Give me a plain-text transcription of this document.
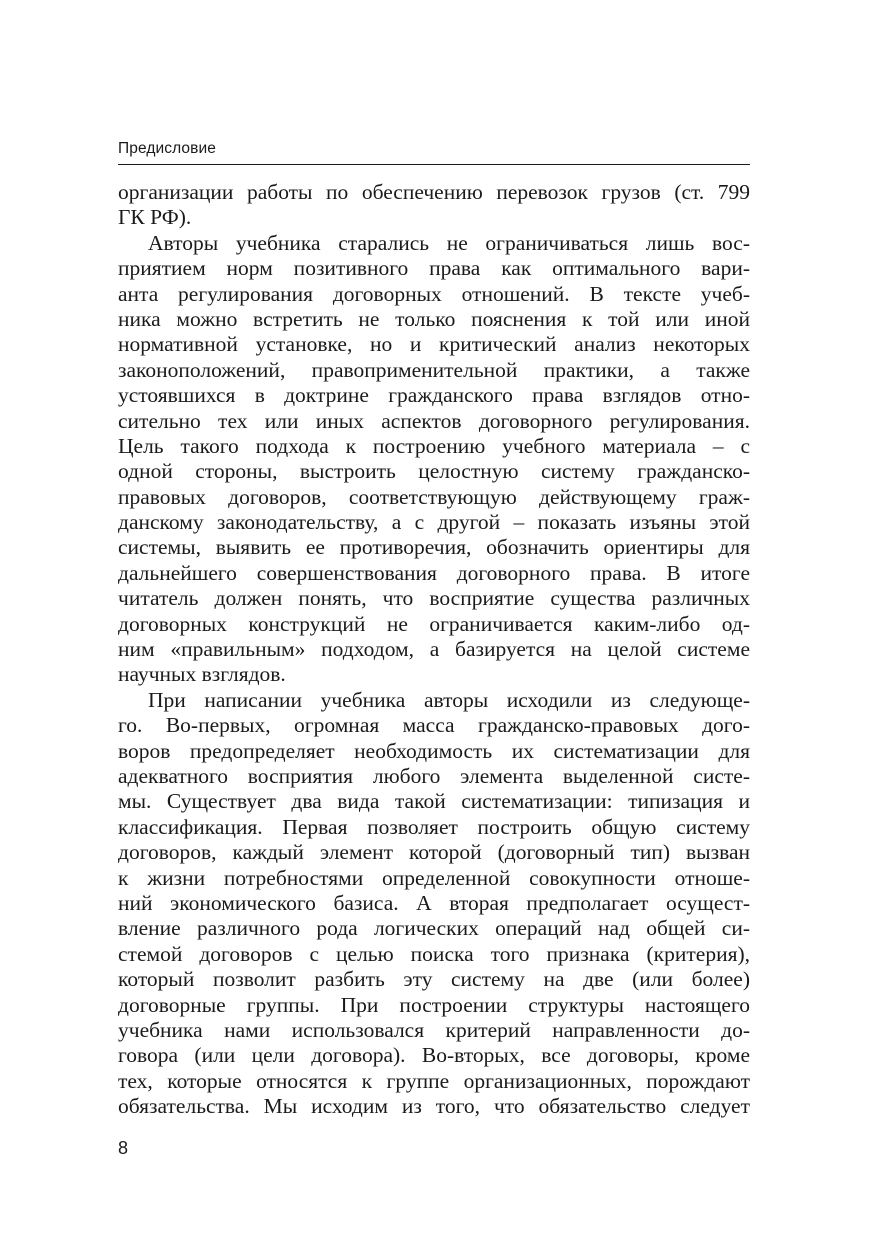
Предисловие
организации работы по обеспечению перевозок грузов (ст. 799
ГК РФ).
Авторы учебника старались не ограничиваться лишь вос-
приятием норм позитивного права как оптимального вари-
анта регулирования договорных отношений. В тексте учеб-
ника можно встретить не только пояснения к той или иной
нормативной установке, но и критический анализ некоторых
законоположений, правоприменительной практики, а также
устоявшихся в доктрине гражданского права взглядов отно-
сительно тех или иных аспектов договорного регулирования.
Цель такого подхода к построению учебного материала – с
одной стороны, выстроить целостную систему гражданско-
правовых договоров, соответствующую действующему граж-
данскому законодательству, а с другой – показать изъяны этой
системы, выявить ее противоречия, обозначить ориентиры для
дальнейшего совершенствования договорного права. В итоге
читатель должен понять, что восприятие существа различных
договорных конструкций не ограничивается каким-либо од-
ним «правильным» подходом, а базируется на целой системе
научных взглядов.
При написании учебника авторы исходили из следующе-
го. Во-первых, огромная масса гражданско-правовых дого-
воров предопределяет необходимость их систематизации для
адекватного восприятия любого элемента выделенной систе-
мы. Существует два вида такой систематизации: типизация и
классификация. Первая позволяет построить общую систему
договоров, каждый элемент которой (договорный тип) вызван
к жизни потребностями определенной совокупности отноше-
ний экономического базиса. А вторая предполагает осущест-
вление различного рода логических операций над общей си-
стемой договоров с целью поиска того признака (критерия),
который позволит разбить эту систему на две (или более)
договорные группы. При построении структуры настоящего
учебника нами использовался критерий направленности до-
говора (или цели договора). Во-вторых, все договоры, кроме
тех, которые относятся к группе организационных, порождают
обязательства. Мы исходим из того, что обязательство следует
8
